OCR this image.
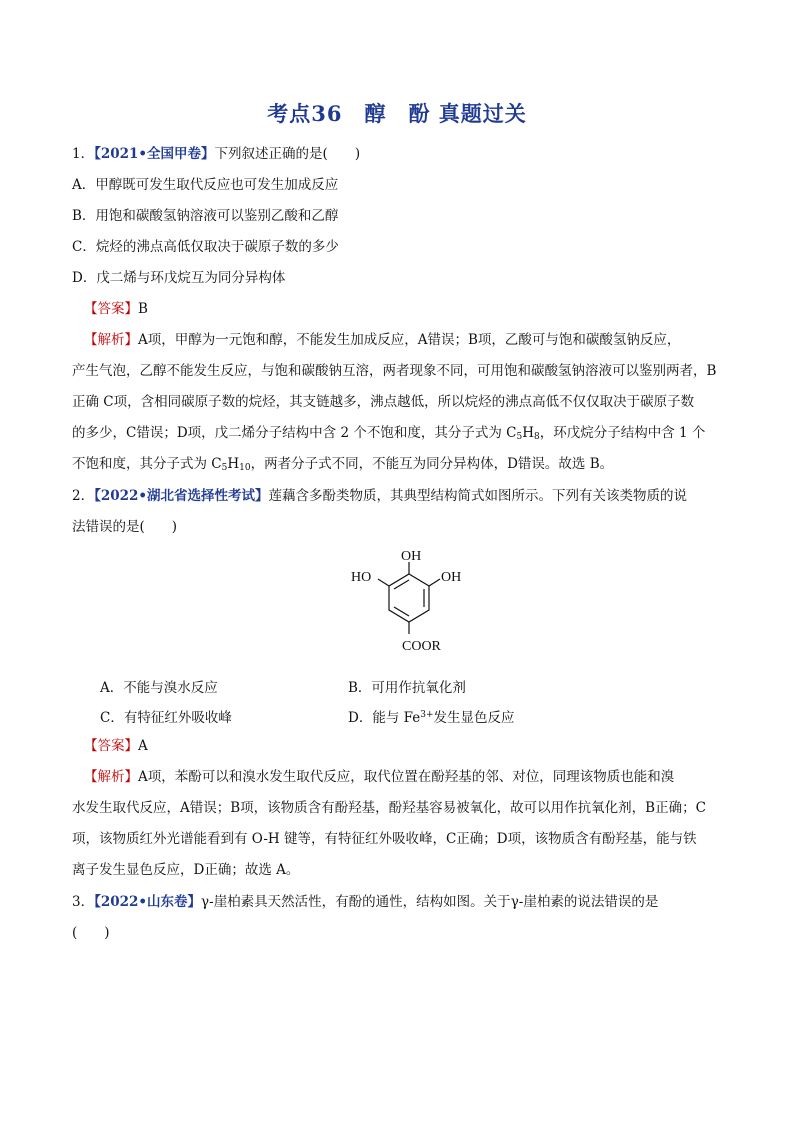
考点36　醇　酚 真题过关
1．【2021•全国甲卷】下列叙述正确的是(　　)
A．甲醇既可发生取代反应也可发生加成反应
B．用饱和碳酸氢钠溶液可以鉴别乙酸和乙醇
C．烷烃的沸点高低仅取决于碳原子数的多少
D．戊二烯与环戊烷互为同分异构体
【答案】B
【解析】A项，甲醇为一元饱和醇，不能发生加成反应，A错误；B项，乙酸可与饱和碳酸氢钠反应，
产生气泡，乙醇不能发生反应，与饱和碳酸钠互溶，两者现象不同，可用饱和碳酸氢钠溶液可以鉴别两者，B
正确 C项，含相同碳原子数的烷烃，其支链越多，沸点越低，所以烷烃的沸点高低不仅仅取决于碳原子数
的多少，C错误；D项，戊二烯分子结构中含 2 个不饱和度，其分子式为 $C_5H_8$，环戊烷分子结构中含 1 个
不饱和度，其分子式为 $C_5H_{10}$，两者分子式不同，不能互为同分异构体，D错误。故选 B。
2．【2022•湖北省选择性考试】莲藕含多酚类物质，其典型结构简式如图所示。下列有关该类物质的说
法错误的是(　　)
OH
HO	OH
COOR
A．不能与溴水反应	B．可用作抗氧化剂
C．有特征红外吸收峰	D．能与 $Fe^{3+}$发生显色反应
【答案】A
【解析】A项，苯酚可以和溴水发生取代反应，取代位置在酚羟基的邻、对位，同理该物质也能和溴
水发生取代反应，A错误；B项，该物质含有酚羟基，酚羟基容易被氧化，故可以用作抗氧化剂，B正确；C
项，该物质红外光谱能看到有 O-H 键等，有特征红外吸收峰，C正确；D项，该物质含有酚羟基，能与铁
离子发生显色反应，D正确；故选 A。
3．【2022•山东卷】γ-崖柏素具天然活性，有酚的通性，结构如图。关于γ-崖柏素的说法错误的是
(　　)
